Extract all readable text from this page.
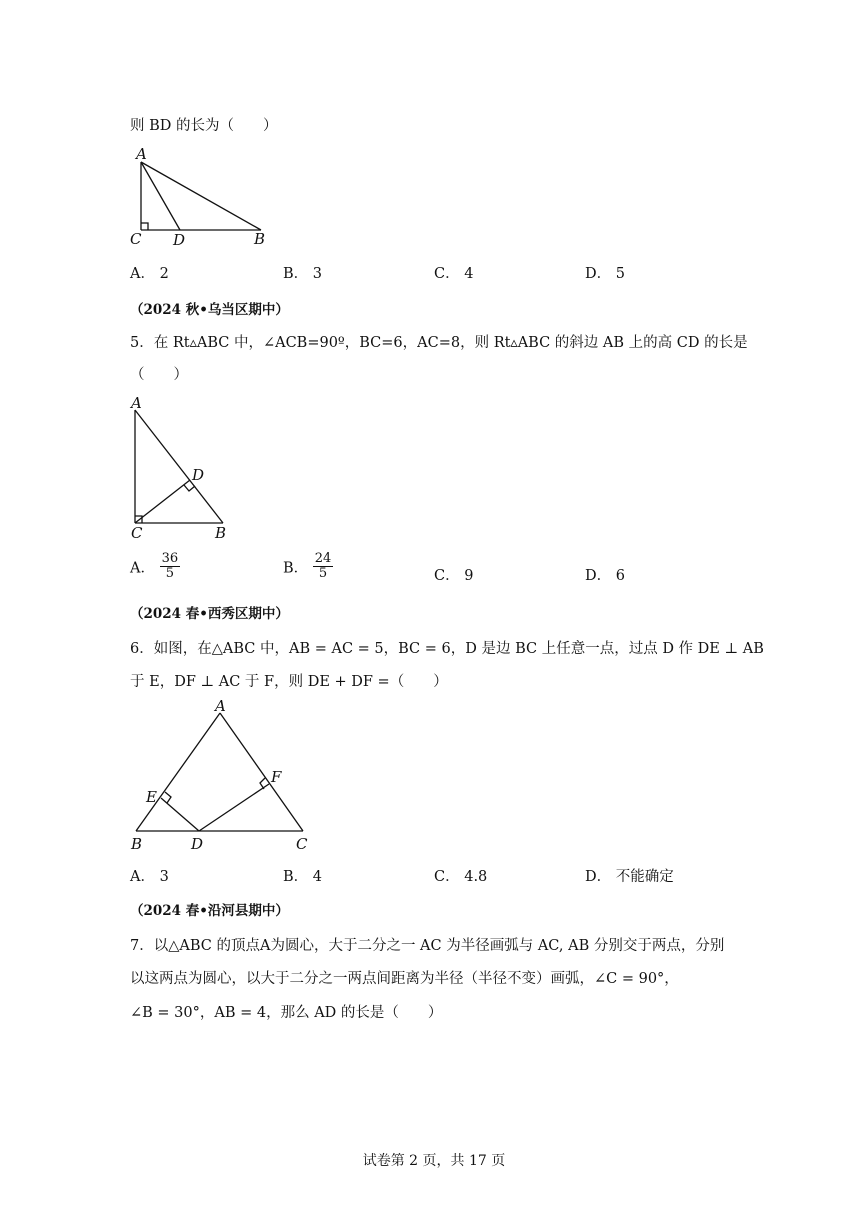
则 BD 的长为（　　）
A
C D	B
A． 2	B． 3	C． 4	D． 5
（2024 秋•乌当区期中）
5．在 Rt▵ABC 中，∠ACB=90º，BC=6，AC=8，则 Rt▵ABC 的斜边 AB 上的高 CD 的长是
（　　）
A
D
C	B
A． $\frac{36}{5}$	B． $\frac{24}{5}$	C． 9	D． 6
（2024 春•西秀区期中）
6．如图，在△ABC 中，AB = AC = 5，BC = 6，D 是边 BC 上任意一点，过点 D 作 DE ⊥ AB
于 E，DF ⊥ AC 于 F，则 DE + DF =（　　）
A
E
F
B	D	C
A． 3	B． 4	C． 4.8	D． 不能确定
（2024 春•沿河县期中）
7．以△ABC 的顶点A为圆心，大于二分之一 AC 为半径画弧与 AC, AB 分别交于两点，分别
以这两点为圆心，以大于二分之一两点间距离为半径（半径不变）画弧，∠C = 90°，
∠B = 30°，AB = 4，那么 AD 的长是（　　）
试卷第 2 页，共 17 页
